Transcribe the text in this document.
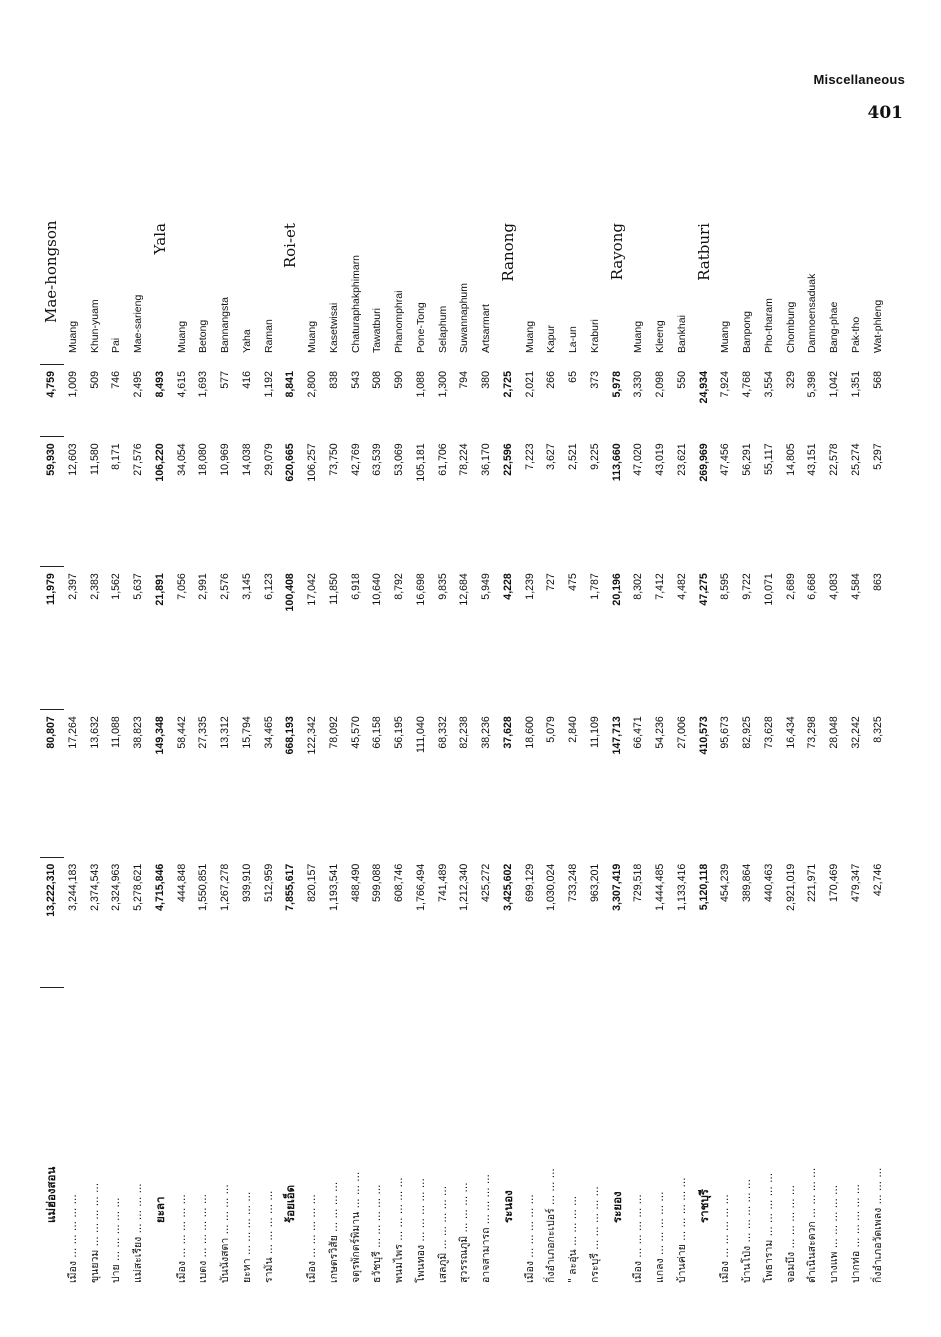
Miscellaneous
401
แม่ฮ่องสอน เมือง ... ... ... ... ... ขุนยวม ... ... ... ... ... ปาย ... ... ... ... ... แม่สะเรียง ... ... ... ... ยะลา เมือง ... ... ... ... ... เบตง ... ... ... ... ... บันนังสตา ... ... ... ... ยะหา ... ... ... ... ... รามัน ... ... ... ... ... ร้อยเอ็ด เมือง ... ... ... ... ... เกษตรวิสัย ... ... ... ... จตุรพักตร์พิมาน ... ... ... ธวัชบุรี ... ... ... ... ... พนมไพร ... ... ... ... ... โพนทอง ... ... ... ... ... เสลภูมิ ... ... ... ... ... สุวรรณภูมิ ... ... ... ... อาจสามารถ ... ... ... ... ระนอง เมือง ... ... ... ... ... กิ่งอำเภอกะเปอร์ ... ... ... " ละอุ่น ... ... ... ... กระบุรี ... ... ... ... ... ระยอง เมือง ... ... ... ... ... แกลง ... ... ... ... ... บ้านค่าย ... ... ... ... ... ราชบุรี เมือง ... ... ... ... ... บ้านโป่ง ... ... ... ... ... โพธาราม ... ... ... ... ... จอมบึง ... ... ... ... ... ดำเนินสะดวก ... ... ... ... บางแพ ... ... ... ... ... ปากท่อ ... ... ... ... ... กิ่งอำเภอวัดเพลง ... ... ...
13,222,310 3,244,183 2,374,543 2,324,963 5,278,621 4,715,846 444,848 1,550,851 1,267,278 939,910 512,959 7,855,617 820,157 1,193,541 488,490 599,088 608,746 1,766,494 741,489 1,212,340 425,272 3,425,602 699,129 1,030,024 733,248 963,201 3,307,419 729,518 1,444,485 1,133,416 5,120,118 454,239 389,864 440,463 2,921,019 221,971 170,469 479,347 42,746
80,807 17,264 13,632 11,088 38,823 149,348 58,442 27,335 13,312 15,794 34,465 668,193 122,342 78,092 45,570 66,158 56,195 111,040 68,332 82,238 38,236 37,628 18,600 5,079 2,840 11,109 147,713 66,471 54,236 27,006 410,573 95,673 82,925 73,628 16,434 73,298 28,048 32,242 8,325
11,979 2,397 2,383 1,562 5,637 21,891 7,056 2,991 2,576 3,145 6,123 100,408 17,042 11,850 6,918 10,640 8,792 16,698 9,835 12,684 5,949 4,228 1,239 727 475 1,787 20,196 8,302 7,412 4,482 47,275 8,595 9,722 10,071 2,689 6,668 4,083 4,584 863
59,930 12,603 11,580 8,171 27,576 106,220 34,054 18,080 10,969 14,038 29,079 620,665 106,257 73,750 42,769 63,539 53,069 105,181 61,706 78,224 36,170 22,596 7,223 3,627 2,521 9,225 113,660 47,020 43,019 23,621 269,969 47,456 56,291 55,117 14,805 43,151 22,578 25,274 5,297
4,759 1,009 509 746 2,495 8,493 4,615 1,693 577 416 1,192 8,841 2,800 838 543 508 590 1,088 1,300 794 380 2,725 2,021 266 65 373 5,978 3,330 2,098 550 24,934 7,924 4,768 3,554 329 5,398 1,042 1,351 568
Mae-hongson
Muang Khun-yuam Pai Mae-sarieng
Yala
Muang Betong Bannangsta Yaha Raman
Roi-et
Muang Kasetwisai Chaturaphakphimarn Tawatburi Phanomphrai Pone-Tong Selaphum Suwannaphum Artsarmart
Ranong
Muang Kapur La-un Kraburi
Rayong
Muang Kleeng Bankhai
Ratburi
Muang Banpong Pho-tharam Chombung Damnoensaduak Bang-phae Pak-tho Wat-phleng
